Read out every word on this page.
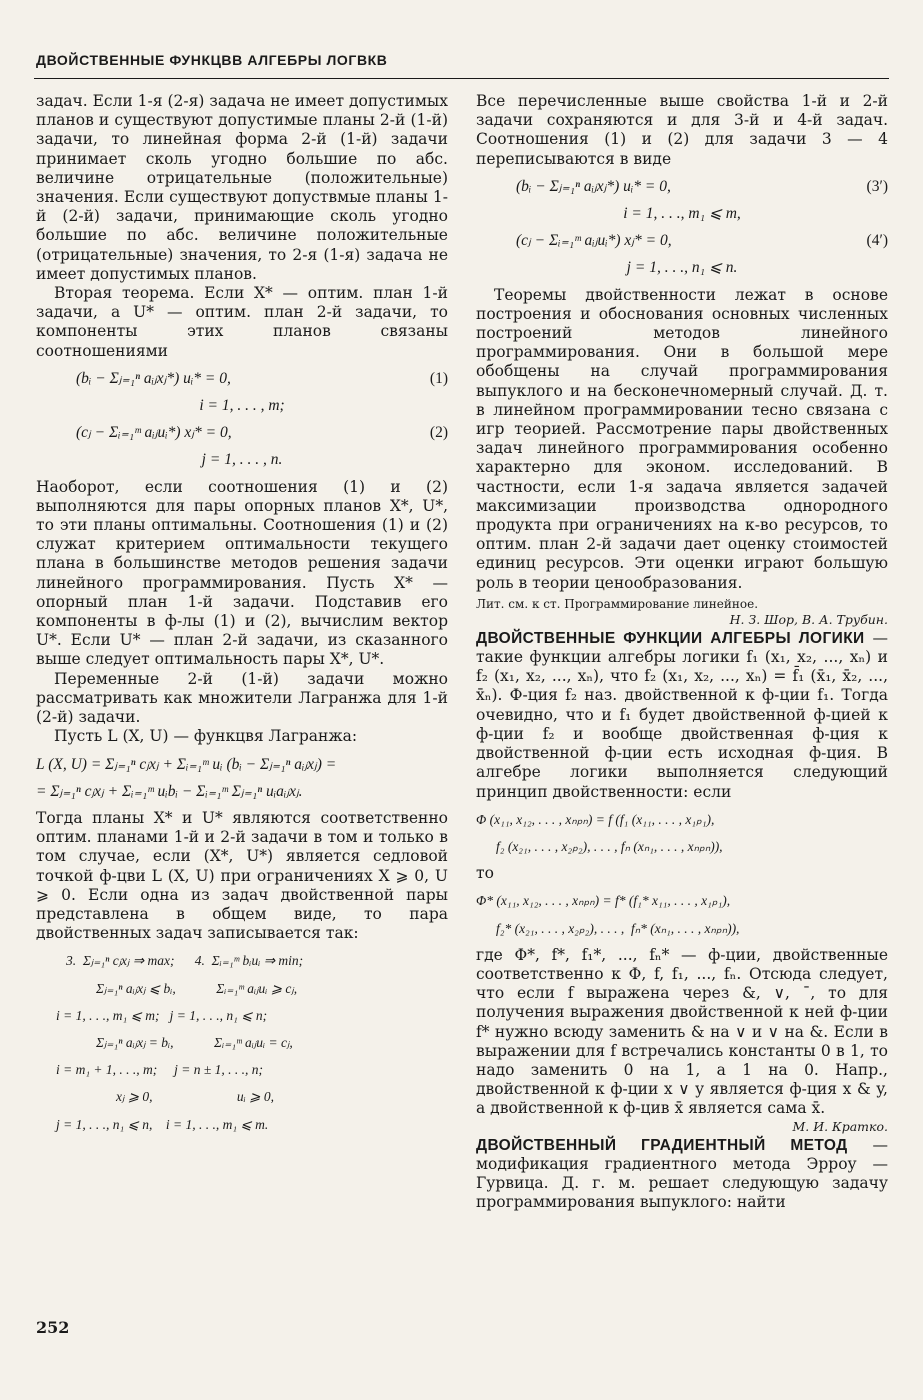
ДВОЙСТВЕННЫЕ ФУНКЦВВ АЛГЕБРЫ ЛОГВКВ

задач. Если 1-я (2-я) задача не имеет допустимых планов и существуют допустимые планы 2-й (1-й) задачи, то линейная форма 2-й (1-й) задачи принимает сколь угодно большие по абс. величине отрицательные (положительные) значения. Если существуют допуствмые планы 1-й (2-й) задачи, принимающие сколь угодно большие по абс. величине положительные (отрицательные) значения, то 2-я (1-я) задача не имеет допустимых планов.

Вторая теорема. Если X* — оптим. план 1-й задачи, а U* — оптим. план 2-й задачи, то компоненты этих планов связаны соотношениями

(bᵢ − Σⱼ₌₁ⁿ aᵢⱼxⱼ*) uᵢ* = 0,	(1)
i = 1, . . . , m;
(cⱼ − Σᵢ₌₁ᵐ aᵢⱼuᵢ*) xⱼ* = 0,	(2)
j = 1, . . . , n.

Наоборот, если соотношения (1) и (2) выполняются для пары опорных планов X*, U*, то эти планы оптимальны. Соотношения (1) и (2) служат критерием оптимальности текущего плана в большинстве методов решения задачи линейного программирования. Пусть X* — опорный план 1-й задачи. Подставив его компоненты в ф-лы (1) и (2), вычислим вектор U*. Если U* — план 2-й задачи, из сказанного выше следует оптимальность пары X*, U*.

Переменные 2-й (1-й) задачи можно рассматривать как множители Лагранжа для 1-й (2-й) задачи.

Пусть L (X, U) — функцвя Лагранжа:

L (X, U) = Σⱼ₌₁ⁿ cⱼxⱼ + Σᵢ₌₁ᵐ uᵢ (bᵢ − Σⱼ₌₁ⁿ aᵢⱼxⱼ) =
= Σⱼ₌₁ⁿ cⱼxⱼ + Σᵢ₌₁ᵐ uᵢbᵢ − Σᵢ₌₁ᵐ Σⱼ₌₁ⁿ uᵢaᵢⱼxⱼ.

Тогда планы X* и U* являются соответственно оптим. планами 1-й и 2-й задачи в том и только в том случае, если (X*, U*) является седловой точкой ф-цви L (X, U) при ограничениях X ⩾ 0, U ⩾ 0. Если одна из задач двойственной пары представлена в общем виде, то пара двойственных задач записывается так:

3.  Σⱼ₌₁ⁿ cⱼxⱼ ⇒ max;      4.  Σᵢ₌₁ᵐ bᵢuᵢ ⇒ min;
Σⱼ₌₁ⁿ aᵢⱼxⱼ ⩽ bᵢ,            Σᵢ₌₁ᵐ aᵢⱼuᵢ ⩾ cⱼ,
i = 1, . . ., m₁ ⩽ m;   j = 1, . . ., n₁ ⩽ n;
Σⱼ₌₁ⁿ aᵢⱼxⱼ = bᵢ,            Σᵢ₌₁ᵐ aᵢⱼuᵢ = cⱼ,
i = m₁ + 1, . . ., m;     j = n ± 1, . . ., n;
xⱼ ⩾ 0,                         uᵢ ⩾ 0,
j = 1, . . ., n₁ ⩽ n,    i = 1, . . ., m₁ ⩽ m.

Все перечисленные выше свойства 1-й и 2-й задачи сохраняются и для 3-й и 4-й задач. Соотношения (1) и (2) для задачи 3 — 4 переписываются в виде

(bᵢ − Σⱼ₌₁ⁿ aᵢⱼxⱼ*) uᵢ* = 0,	(3′)
i = 1, . . ., m₁ ⩽ m,
(cⱼ − Σᵢ₌₁ᵐ aᵢⱼuᵢ*) xⱼ* = 0,	(4′)
j = 1, . . ., n₁ ⩽ n.

Теоремы двойственности лежат в основе построения и обоснования основных численных построений методов линейного программирования. Они в большой мере обобщены на случай программирования выпуклого и на бесконечномерный случай. Д. т. в линейном программировании тесно связана с игр теорией. Рассмотрение пары двойственных задач линейного программирования особенно характерно для эконом. исследований. В частности, если 1-я задача является задачей максимизации производства однородного продукта при ограничениях на к-во ресурсов, то оптим. план 2-й задачи дает оценку стоимостей единиц ресурсов. Эти оценки играют большую роль в теории ценообразования.

Лит. см. к ст. Программирование линейное.
Н. З. Шор, В. А. Трубин.

ДВОЙСТВЕННЫЕ ФУНКЦИИ АЛГЕБРЫ ЛОГИКИ — такие функции алгебры логики f₁ (x₁, x₂, ..., xₙ) и f₂ (x₁, x₂, ..., xₙ), что f₂ (x₁, x₂, ..., xₙ) = f̄₁ (x̄₁, x̄₂, ..., x̄ₙ). Ф-ция f₂ наз. двойственной к ф-ции f₁. Тогда очевидно, что и f₁ будет двойственной ф-цией к ф-ции f₂ и вообще двойственная ф-ция к двойственной ф-ции есть исходная ф-ция. В алгебре логики выполняется следующий принцип двойственности: если

Φ (x₁₁, x₁₂, . . . , xₙₚₙ) = f (f₁ (x₁₁, . . . , x₁ₚ₁),
f₂ (x₂₁, . . . , x₂ₚ₂), . . . , fₙ (xₙ₁, . . . , xₙₚₙ)),

то

Φ* (x₁₁, x₁₂, . . . , xₙₚₙ) = f* (f₁* x₁₁, . . . , x₁ₚ₁),
f₂* (x₂₁, . . . , x₂ₚ₂), . . . ,  fₙ* (xₙ₁, . . . , xₙₚₙ)),

где Φ*, f*, f₁*, ..., fₙ* — ф-ции, двойственные соответственно к Φ, f, f₁, ..., fₙ. Отсюда следует, что если f выражена через &, ∨, ¯, то для получения выражения двойственной к ней ф-ции f* нужно всюду заменить & на ∨ и ∨ на &. Если в выражении для f встречались константы 0 в 1, то надо заменить 0 на 1, а 1 на 0. Напр., двойственной к ф-ции x ∨ y является ф-ция x & y, а двойственной к ф-цив x̄ является сама x̄.

М. И. Кратко.

ДВОЙСТВЕННЫЙ ГРАДИЕНТНЫЙ МЕТОД — модификация градиентного метода Эрроу — Гурвица. Д. г. м. решает следующую задачу программирования выпуклого: найти

252
